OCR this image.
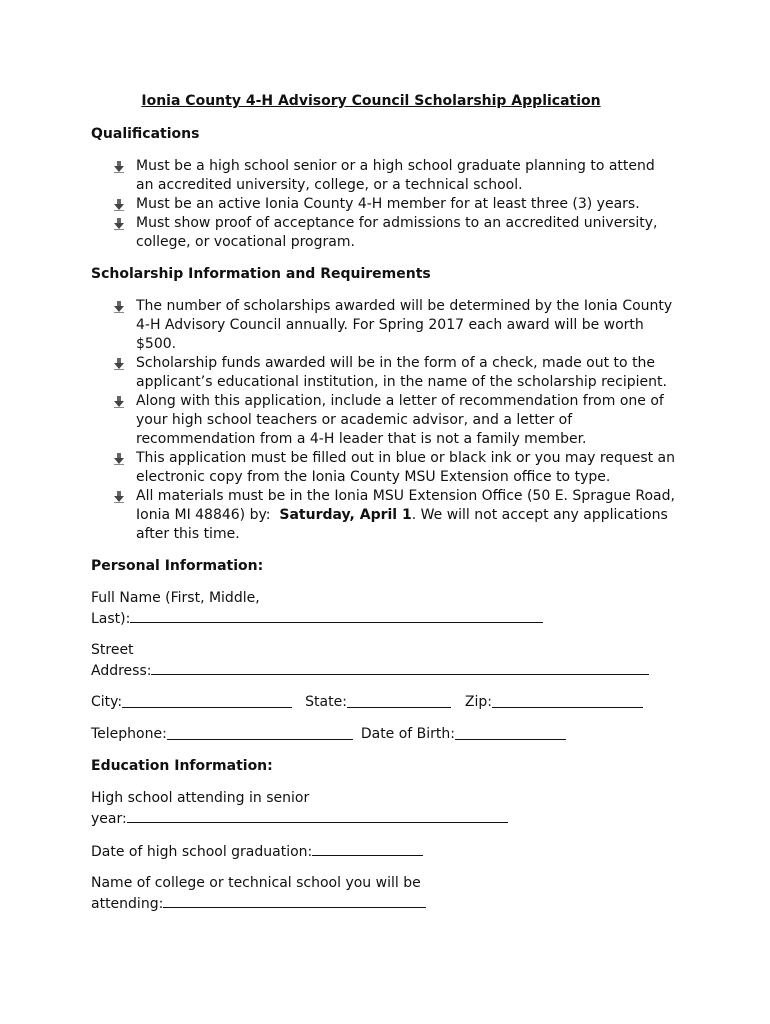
Ionia County 4-H Advisory Council Scholarship Application
Qualifications
Must be a high school senior or a high school graduate planning to attend an accredited university, college, or a technical school.
Must be an active Ionia County 4-H member for at least three (3) years.
Must show proof of acceptance for admissions to an accredited university, college, or vocational program.
Scholarship Information and Requirements
The number of scholarships awarded will be determined by the Ionia County 4-H Advisory Council annually. For Spring 2017 each award will be worth $500.
Scholarship funds awarded will be in the form of a check, made out to the applicant’s educational institution, in the name of the scholarship recipient.
Along with this application, include a letter of recommendation from one of your high school teachers or academic advisor, and a letter of recommendation from a 4-H leader that is not a family member.
This application must be filled out in blue or black ink or you may request an electronic copy from the Ionia County MSU Extension office to type.
All materials must be in the Ionia MSU Extension Office (50 E. Sprague Road, Ionia MI 48846) by: Saturday, April 1. We will not accept any applications after this time.
Personal Information:
Full Name (First, Middle,
Last):
Street
Address:
City:	State:	Zip:
Telephone:	Date of Birth:
Education Information:
High school attending in senior
year:
Date of high school graduation:
Name of college or technical school you will be
attending:
